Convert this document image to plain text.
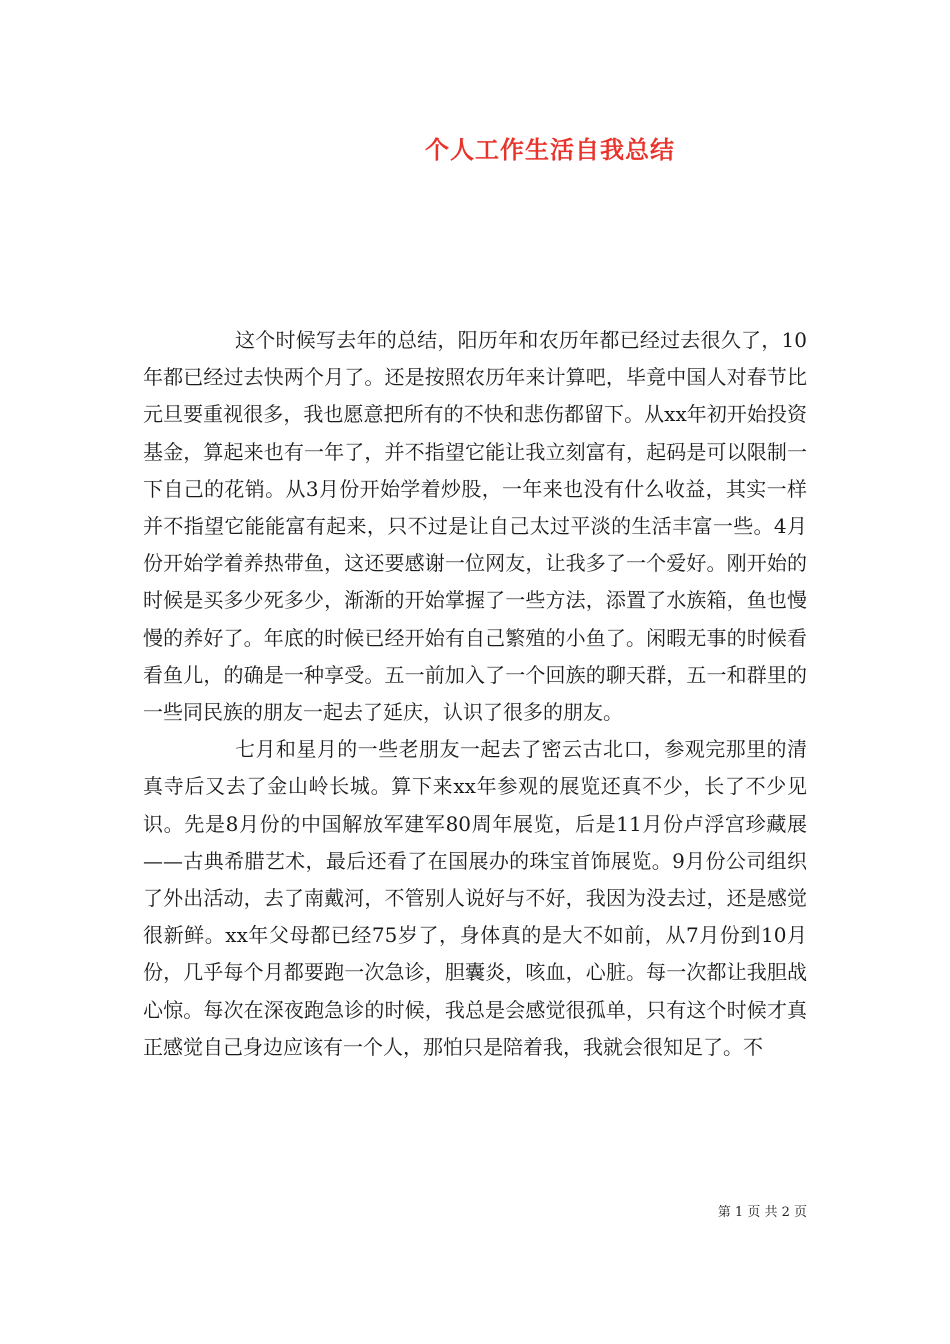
个人工作生活自我总结

这个时候写去年的总结，阳历年和农历年都已经过去很久了，10年都已经过去快两个月了。还是按照农历年来计算吧，毕竟中国人对春节比元旦要重视很多，我也愿意把所有的不快和悲伤都留下。从xx年初开始投资基金，算起来也有一年了，并不指望它能让我立刻富有，起码是可以限制一下自己的花销。从3月份开始学着炒股，一年来也没有什么收益，其实一样并不指望它能能富有起来，只不过是让自己太过平淡的生活丰富一些。4月份开始学着养热带鱼，这还要感谢一位网友，让我多了一个爱好。刚开始的时候是买多少死多少，渐渐的开始掌握了一些方法，添置了水族箱，鱼也慢慢的养好了。年底的时候已经开始有自己繁殖的小鱼了。闲暇无事的时候看看鱼儿，的确是一种享受。五一前加入了一个回族的聊天群，五一和群里的一些同民族的朋友一起去了延庆，认识了很多的朋友。

七月和星月的一些老朋友一起去了密云古北口，参观完那里的清真寺后又去了金山岭长城。算下来xx年参观的展览还真不少，长了不少见识。先是8月份的中国解放军建军80周年展览，后是11月份卢浮宫珍藏展——古典希腊艺术，最后还看了在国展办的珠宝首饰展览。9月份公司组织了外出活动，去了南戴河，不管别人说好与不好，我因为没去过，还是感觉很新鲜。xx年父母都已经75岁了，身体真的是大不如前，从7月份到10月份，几乎每个月都要跑一次急诊，胆囊炎，咳血，心脏。每一次都让我胆战心惊。每次在深夜跑急诊的时候，我总是会感觉很孤单，只有这个时候才真正感觉自己身边应该有一个人，那怕只是陪着我，我就会很知足了。不

第 1 页 共 2 页
